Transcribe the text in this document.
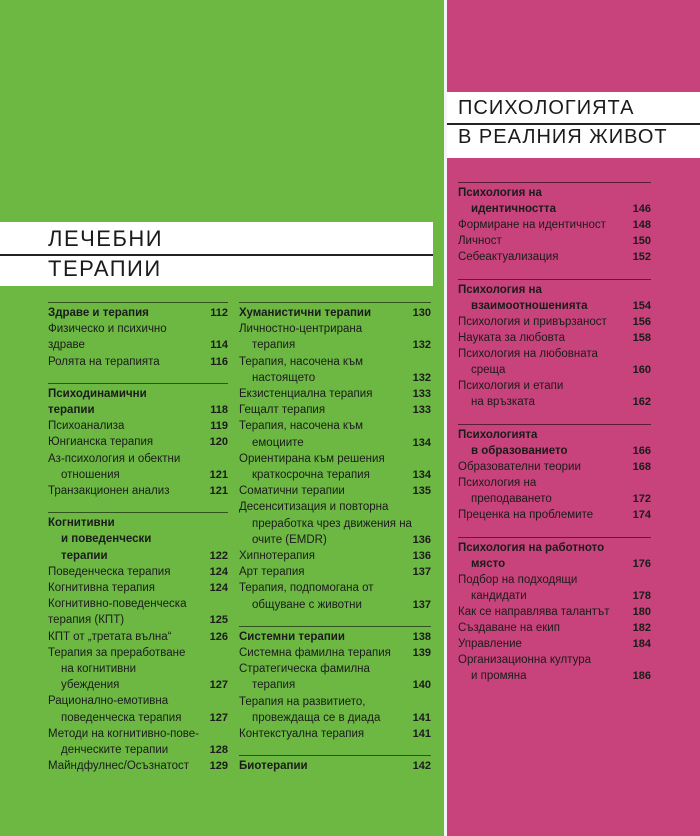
ЛЕЧЕБНИ
ТЕРАПИИ
ПСИХОЛОГИЯТА
В РЕАЛНИЯ ЖИВОТ
Здраве и терапия	112
Физическо и психично
здраве	114
Ролята на терапията	116
Психодинамични
терапии	118
Психоанализа	119
Юнгианска терапия	120
Аз-психология и обектни
отношения	121
Транзакционен анализ	121
Когнитивни
и поведенчески
терапии	122
Поведенческа терапия	124
Когнитивна терапия	124
Когнитивно-поведенческа
терапия (КПТ)	125
КПТ от „третата вълна“	126
Терапия за преработване
на когнитивни
убеждения	127
Рационално-емотивна
поведенческа терапия	127
Методи на когнитивно-пове-
денческите терапии	128
Майндфулнес/Осъзнатост 129
Хуманистични терапии	130
Личностно-центрирана
терапия	132
Терапия, насочена към
настоящето	132
Екзистенциална терапия	133
Гещалт терапия	133
Терапия, насочена към
емоциите	134
Ориентирана към решения
краткосрочна терапия	134
Соматични терапии	135
Десенситизация и повторна
преработка чрез движения на
очите (EMDR)	136
Хипнотерапия	136
Арт терапия	137
Терапия, подпомогана от
общуване с животни	137
Системни терапии	138
Системна фамилна терапия 139
Стратегическа фамилна
терапия	140
Терапия на развитието,
провеждаща се в диада	141
Контекстуална терапия	141
Биотерапии	142
Психология на
идентичността	146
Формиране на идентичност 148
Личност	150
Себеактуализация	152
Психология на
взаимоотношенията	154
Психология и привързаност 156
Науката за любовта	158
Психология на любовната
среща	160
Психология и етапи
на връзката	162
Психологията
в образованието	166
Образователни теории	168
Психология на
преподаването	172
Преценка на проблемите	174
Психология на работното
място	176
Подбор на подходящи
кандидати	178
Как се направлява талантът 180
Създаване на екип	182
Управление	184
Организационна култура
и промяна	186
